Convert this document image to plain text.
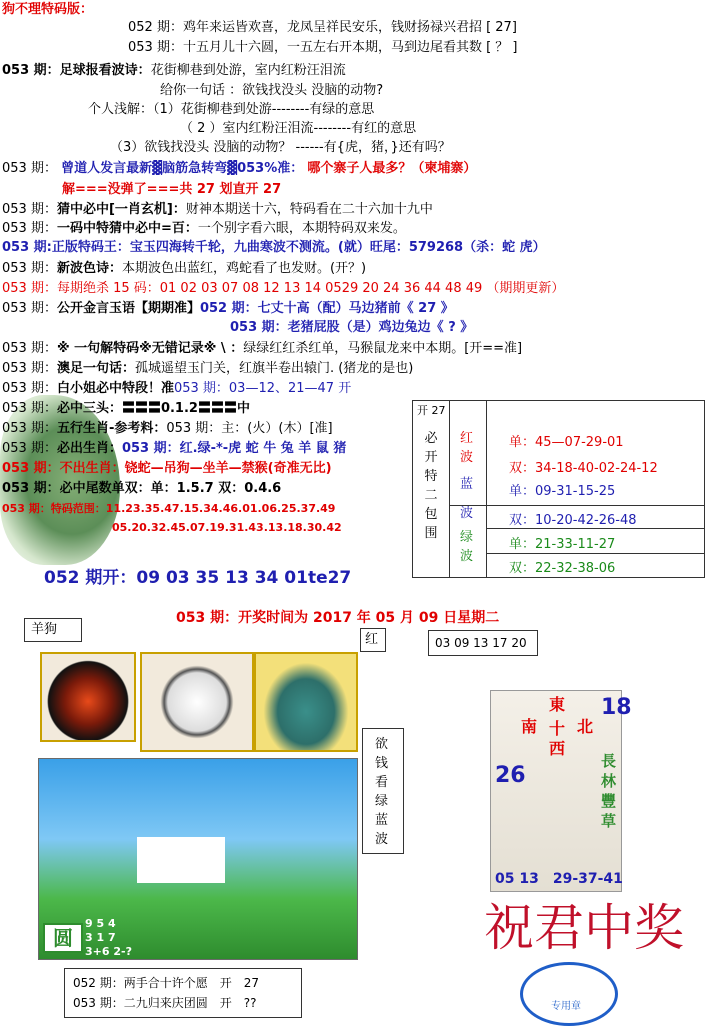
狗不理特码版：
052 期：鸡年来运皆欢喜，龙凤呈祥民安乐，钱财扬禄兴君招 [ 27]
053 期：十五月儿十六圆，一五左右开本期，马到边尾看其数 [ ？ ]
053 期：足球报看波诗：花街柳巷到处游，室内红粉汪泪流
给你一句话 ：欲钱找没头 没脑的动物?
个人浅解：（1）花街柳巷到处游--------有绿的意思
（ 2 ）室内红粉汪泪流--------有红的意思
（3）欲钱找没头 没脑的动物？ ------有{虎，猪，}还有吗？
053 期： 曾道人发言最新▓脑筋急转弯▓053%准： 哪个寨子人最多？（柬埔寨）
解===没弹了===共 27 划直开 27
053 期：猜中必中[一肖玄机]：财神本期送十六，特码看在二十六加十九中
053 期：一码中特猜中必中=百：一个别字看六眼，本期特码双来发。
053 期:正版特码王：宝玉四海转千轮，九曲寒波不测流。(就）旺尾：579268（杀：蛇 虎）
053 期：新波色诗：本期波色出蓝红，鸡蛇看了也发财。(开？)
053 期：每期绝杀 15 码：01 02 03 07 08 12 13 14 0529 20 24 36 44 48 49 （期期更新）
053 期：公开金言玉语【期期准】052 期：七丈十高（配）马边猪前《 27 》
053 期：老猪屁股（是）鸡边兔边《 ? 》
053 期：※ 一句解特码※无错记录※ \ ：绿绿红红杀红单，马猴鼠龙来中本期。[开==准]
053 期：澳足一句话：孤城遥望玉门关，红旗半卷出辕门. (猪龙的是也)
053 期：白小姐必中特段！准053 期：03—12、21—47 开
053 期：必中三头：〓〓〓0.1.2〓〓〓中
053 期：五行生肖-参考料：053 期：主：(火）(木）[准]
053 期：必出生肖：053 期：红.绿-*-虎 蛇 牛 兔 羊 鼠 猪
053 期：不出生肖：铙蛇—吊狗—坐羊—禁猴(奇准无比)
053 期：必中尾数单双：单：1.5.7 双：0.4.6
053 期：特码范围：11.23.35.47.15.34.46.01.06.25.37.49
05.20.32.45.07.19.31.43.13.18.30.42
052 期开：09 03 35 13 34 01te27
开 27
必开特二包围
红波
蓝
波
绿波
单：45—07-29-01
双：34-18-40-02-24-12
单：09-31-15-25
双：10-20-42-26-48
单：21-33-11-27
双：22-32-38-06
053 期：开奖时间为 2017 年 05 月 09 日星期二
羊狗
红	03 09 13 17 20
欲钱看绿蓝波
圆
9 5 4
3 1 7
3+6 2-?
052 期：两手合十许个愿　开　27
053 期：二九归来庆团圆　开　??
18
東
南 十 北
西
26
長林豐草
05 13　29-37-41
祝君中奖
专用章
